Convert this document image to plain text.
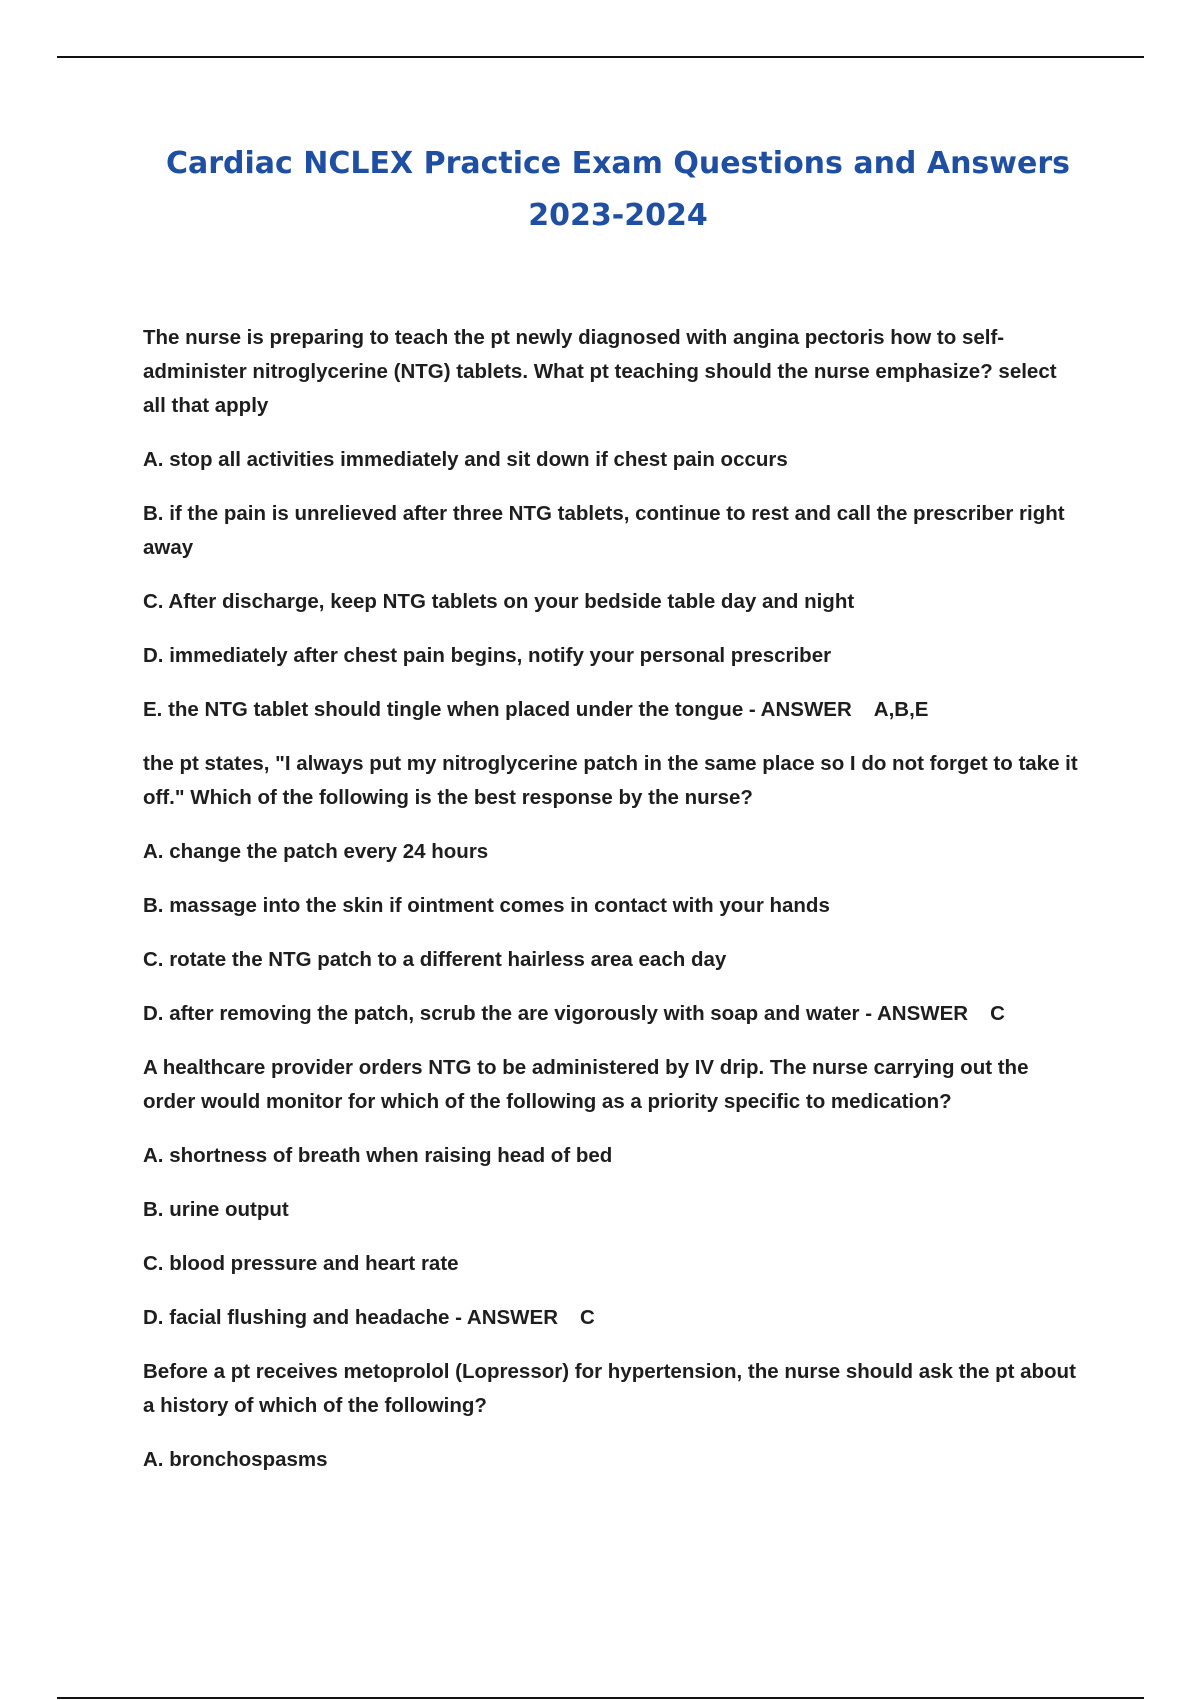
Cardiac NCLEX Practice Exam Questions and Answers 2023-2024

The nurse is preparing to teach the pt newly diagnosed with angina pectoris how to self-administer nitroglycerine (NTG) tablets. What pt teaching should the nurse emphasize? select all that apply

A. stop all activities immediately and sit down if chest pain occurs

B. if the pain is unrelieved after three NTG tablets, continue to rest and call the prescriber right away

C. After discharge, keep NTG tablets on your bedside table day and night

D. immediately after chest pain begins, notify your personal prescriber

E. the NTG tablet should tingle when placed under the tongue - ANSWER A,B,E

the pt states, "I always put my nitroglycerine patch in the same place so I do not forget to take it off." Which of the following is the best response by the nurse?

A. change the patch every 24 hours

B. massage into the skin if ointment comes in contact with your hands

C. rotate the NTG patch to a different hairless area each day

D. after removing the patch, scrub the are vigorously with soap and water - ANSWER C

A healthcare provider orders NTG to be administered by IV drip. The nurse carrying out the order would monitor for which of the following as a priority specific to medication?

A. shortness of breath when raising head of bed

B. urine output

C. blood pressure and heart rate

D. facial flushing and headache - ANSWER C

Before a pt receives metoprolol (Lopressor) for hypertension, the nurse should ask the pt about a history of which of the following?

A. bronchospasms
